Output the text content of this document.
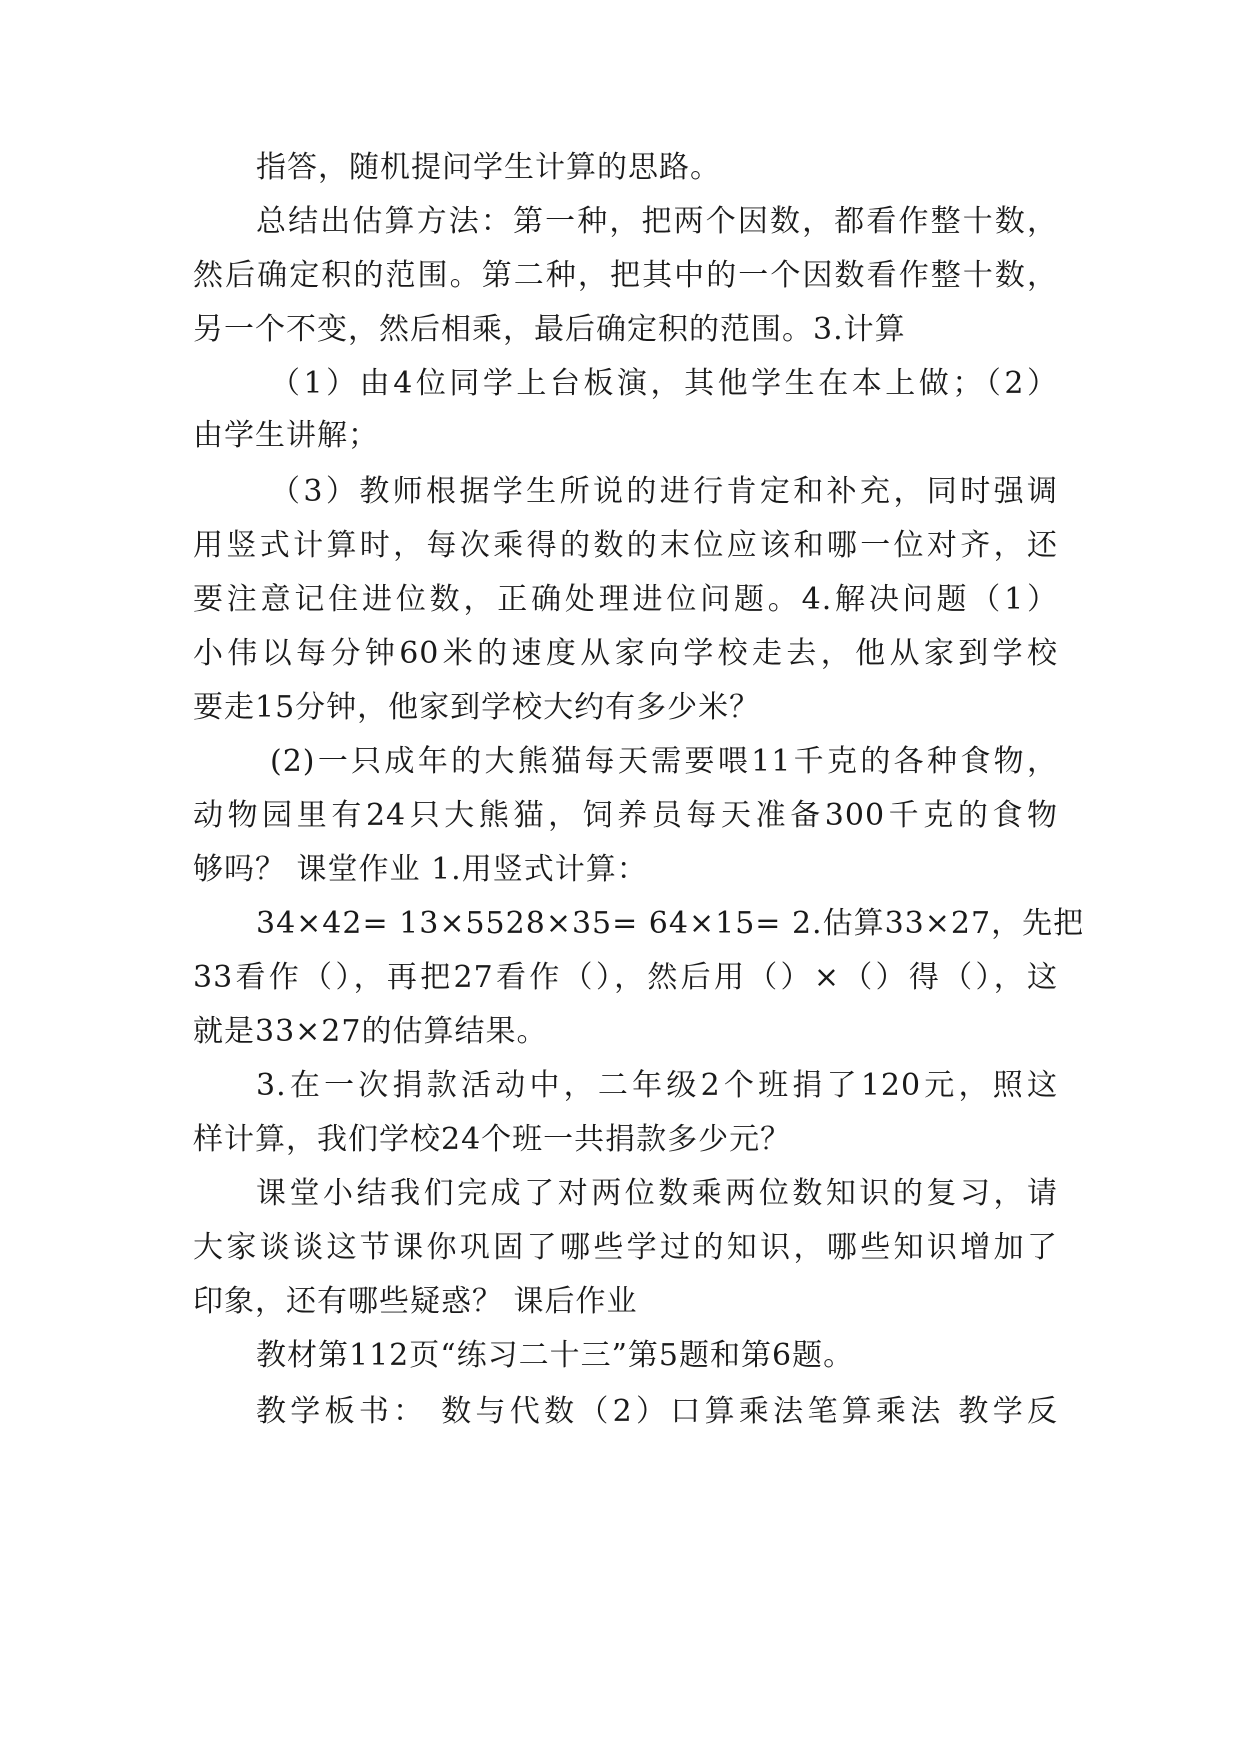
指答，随机提问学生计算的思路。
总结出估算方法：第一种，把两个因数，都看作整十数，
然后确定积的范围。第二种，把其中的一个因数看作整十数，
另一个不变，然后相乘，最后确定积的范围。3.计算
（1）由4位同学上台板演，其他学生在本上做；（2）
由学生讲解；
（3）教师根据学生所说的进行肯定和补充，同时强调
用竖式计算时，每次乘得的数的末位应该和哪一位对齐，还
要注意记住进位数，正确处理进位问题。4.解决问题（1）
小伟以每分钟60米的速度从家向学校走去，他从家到学校
要走15分钟，他家到学校大约有多少米？
(2)一只成年的大熊猫每天需要喂11千克的各种食物，
动物园里有24只大熊猫，饲养员每天准备300千克的食物
够吗？ 课堂作业 1.用竖式计算：
34×42= 13×5528×35= 64×15= 2.估算33×27，先把
33看作（），再把27看作（），然后用（）×（）得（），这
就是33×27的估算结果。
3.在一次捐款活动中，二年级2个班捐了120元，照这
样计算，我们学校24个班一共捐款多少元？
课堂小结我们完成了对两位数乘两位数知识的复习，请
大家谈谈这节课你巩固了哪些学过的知识，哪些知识增加了
印象，还有哪些疑惑？ 课后作业
教材第112页“练习二十三”第5题和第6题。
教学板书： 数与代数（2）口算乘法笔算乘法 教学反
